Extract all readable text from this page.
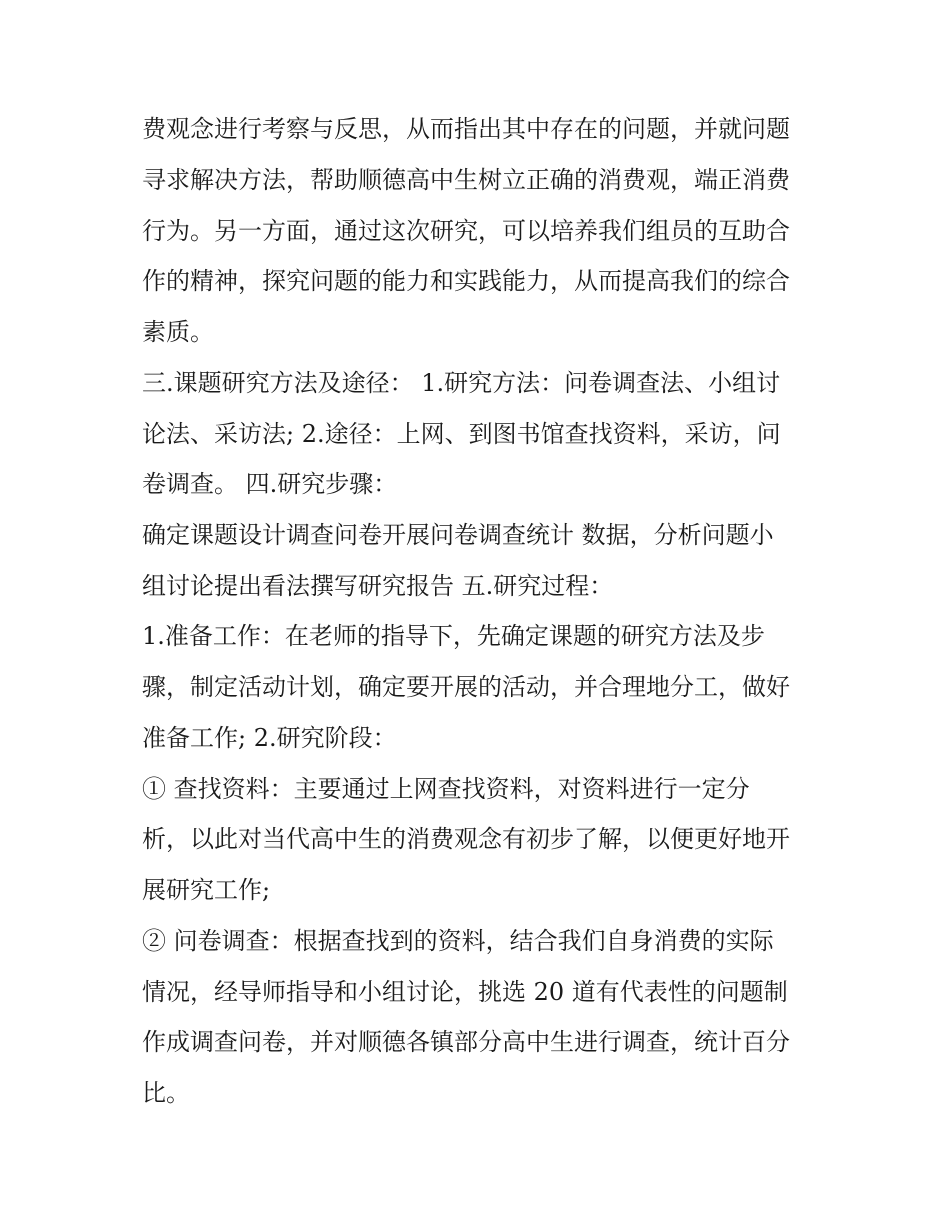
费观念进行考察与反思，从而指出其中存在的问题，并就问题

寻求解决方法，帮助顺德高中生树立正确的消费观，端正消费

行为。另一方面，通过这次研究，可以培养我们组员的互助合

作的精神，探究问题的能力和实践能力，从而提高我们的综合

素质。

三.课题研究方法及途径： 1.研究方法：问卷调查法、小组讨

论法、采访法; 2.途径：上网、到图书馆查找资料，采访，问

卷调查。 四.研究步骤：

确定课题设计调查问卷开展问卷调查统计 数据，分析问题小

组讨论提出看法撰写研究报告 五.研究过程：

1.准备工作：在老师的指导下，先确定课题的研究方法及步

骤，制定活动计划，确定要开展的活动，并合理地分工，做好

准备工作; 2.研究阶段：

① 查找资料：主要通过上网查找资料，对资料进行一定分

析，以此对当代高中生的消费观念有初步了解，以便更好地开

展研究工作;

② 问卷调查：根据查找到的资料，结合我们自身消费的实际

情况，经导师指导和小组讨论，挑选 20 道有代表性的问题制

作成调查问卷，并对顺德各镇部分高中生进行调查，统计百分

比。
